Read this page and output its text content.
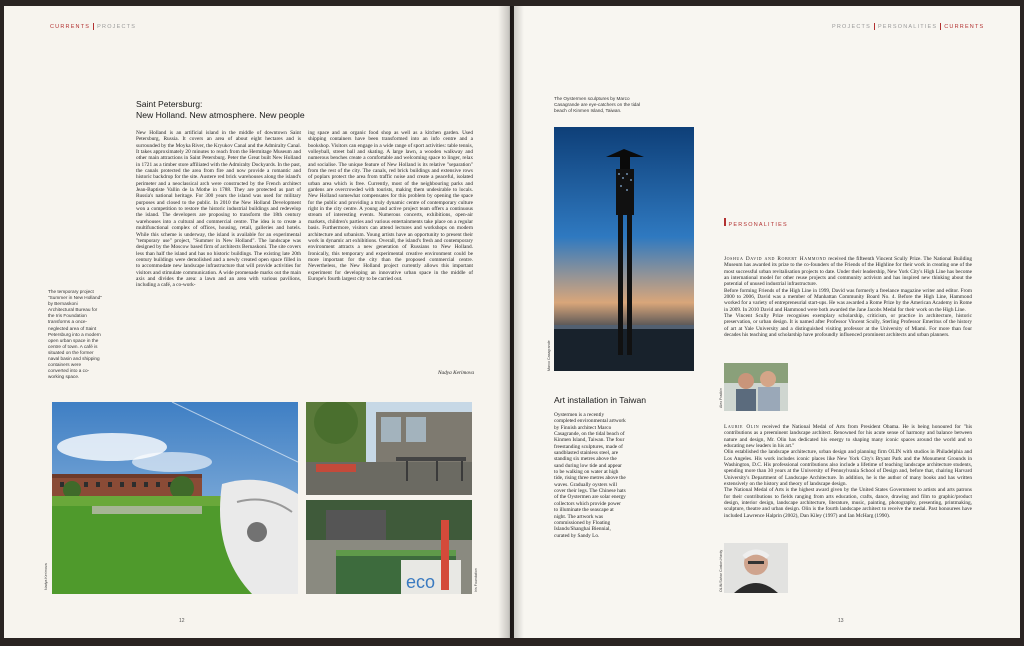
CURRENTS PROJECTS
Saint Petersburg:
New Holland. New atmosphere. New people

New Holland is an artificial island in the middle of downtown Saint Petersburg, Russia. It covers an area of about eight hectares and is surrounded by the Moyka River, the Kryukov Canal and the Admiralty Canal. It takes approximately 20 minutes to reach from the Hermitage Museum and other main attractions in Saint Petersburg. Peter the Great built New Holland in 1721 as a timber store affiliated with the Admiralty Dockyards. In the past, the canals protected the area from fire and now provide a romantic and historic backdrop for the site. Austere red brick warehouses along the island's perimeter and a neoclassical arch were constructed by the French architect Jean-Baptiste Vallin de la Mothe in 1788. They are protected as part of Russia's national heritage. For 300 years the island was used for military purposes and closed to the public. In 2010 the New Holland Development won a competition to restore the historic industrial buildings and redevelop the island. The developers are proposing to transform the 18th century warehouses into a cultural and commercial centre. The idea is to create a multifunctional complex of offices, housing, retail, galleries and hotels. While this scheme is underway, the island is available for an experimental "temporary use" project, "Summer in New Holland". The landscape was designed by the Moscow based firm of architects Bernaskoni. The site covers less than half the island and has no historic buildings. The existing late 20th century buildings were demolished and a newly created open space filled in to accommodate new landscape infrastructure that will provide activities for visitors and stimulate communication. A wide promenade marks out the main axis and divides the area: a lawn and an area with various pavilions, including a café, a co-work-

ing space and an organic food shop as well as a kitchen garden. Used shipping containers have been transformed into an info centre and a bookshop. Visitors can engage in a wide range of sport activities: table tennis, volleyball, street ball and skating. A large lawn, a wooden walkway and numerous benches create a comfortable and welcoming space to linger, relax and socialise. The unique feature of New Holland is its relative "separation" from the rest of the city. The canals, red brick buildings and extensive rows of poplars protect the area from traffic noise and create a peaceful, isolated urban area which is free. Currently, most of the neighbouring parks and gardens are overcrowded with tourists, making them undesirable to locals. New Holland somewhat compensates for this problem by opening the space for the public and providing a truly dynamic centre of contemporary culture right in the city centre. A young and active project team offers a continuous stream of interesting events. Numerous concerts, exhibitions, open-air markets, children's parties and various entertainments take place on a regular basis. Furthermore, visitors can attend lectures and workshops on modern architecture and urbanism. Young artists have an opportunity to present their work in dynamic art exhibitions. Overall, the island's fresh and contemporary environment attracts a new generation of Russians to New Holland. Ironically, this temporary and experimental creative environment could be more important for the city than the proposed commercial centre. Nevertheless, the New Holland project currently allows this important experiment for developing an innovative urban space in the middle of Europe's fourth largest city to be carried out.

Nadya Kerimova
The temporary project "Summer in New Holland" by Bernaskoni Architectural Bureau for the Iris Foundation transforms a once-neglected area of Saint Petersburg into a modern open urban space in the centre of town. A café is situated on the former naval basin and shipping containers were converted into a co-working space.
Nadya Kerimova	eco	Iris Foundation
12
PROJECTS PERSONALITIES CURRENTS
The Oystermen sculptures by Marco Casagrande are eye-catchers on the tidal beach of Kinmen Island, Taiwan.
Marco Casagrande
Art installation in Taiwan
Oystermen is a recently completed environmental artwork by Finnish architect Marco Casagrande, on the tidal beach of Kinmen Island, Taiwan. The four freestanding sculptures, made of sandblasted stainless steel, are standing six metres above the sand during low tide and appear to be walking on water at high tide, rising three metres above the waves. Gradually oysters will cover their legs. The Chinese hats of the Oystermen are solar energy collectors which provide power to illuminate the seascape at night. The artwork was commissioned by Floating Islands/Shanghai Biennial, curated by Sandy Lo.
PERSONALITIES

Joshua David and Robert Hammond received the fifteenth Vincent Scully Prize. The National Building Museum has awarded its prize to the co-founders of the Friends of the Highline for their work in creating one of the most successful urban revitalisation projects to date. Under their leadership, New York City's High Line has become an international model for other reuse projects and community activism and has inspired new thinking about the potential of unused industrial infrastructure.

Before forming Friends of the High Line in 1999, David was formerly a freelance magazine writer and editor. From 2000 to 2006, David was a member of Manhattan Community Board No. 4. Before the High Line, Hammond worked for a variety of entrepreneurial start-ups. He was awarded a Rome Prize by the American Academy in Rome in 2009. In 2010 David and Hammond were both awarded the Jane Jacobs Medal for their work on the High Line.

The Vincent Scully Prize recognises exemplary scholarship, criticism, or practice in architecture, historic preservation, or urban design. It is named after Professor Vincent Scully, Sterling Professor Emeritus of the history of art at Yale University and a distinguished visiting professor at the University of Miami. For more than four decades his teaching and scholarship have profoundly influenced prominent architects and urban planners.

Alex Fradkin

Laurie Olin received the National Medal of Arts from President Obama. He is being honoured for "his contributions as a preeminent landscape architect. Renowned for his acute sense of harmony and balance between nature and design, Mr. Olin has dedicated his energy to shaping many iconic spaces around the world and to educating new leaders in his art."

Olin established the landscape architecture, urban design and planning firm OLIN with studios in Philadelphia and Los Angeles. His work includes iconic places like New York City's Bryant Park and the Monument Grounds in Washington, D.C. His professional contributions also include a lifetime of teaching landscape architecture students, spending more than 30 years at the University of Pennsylvania School of Design and, before that, chairing Harvard University's Department of Landscape Architecture. In addition, he is the author of many books and has written extensively on the history and theory of landscape design.

The National Medal of Arts is the highest award given by the United States Government to artists and arts patrons for their contributions to fields ranging from arts education, crafts, dance, drawing and film to graphic/product design, interior design, landscape architecture, literature, music, painting, photography, presenting, printmaking, sculpture, theatre and urban design. Olin is the fourth landscape architect to receive the medal. Past honourees have included Lawrence Halprin (2002), Dan Kiley (1997) and Ian McHarg (1990).

OLIN/Sahar Coston-Hardy
13
